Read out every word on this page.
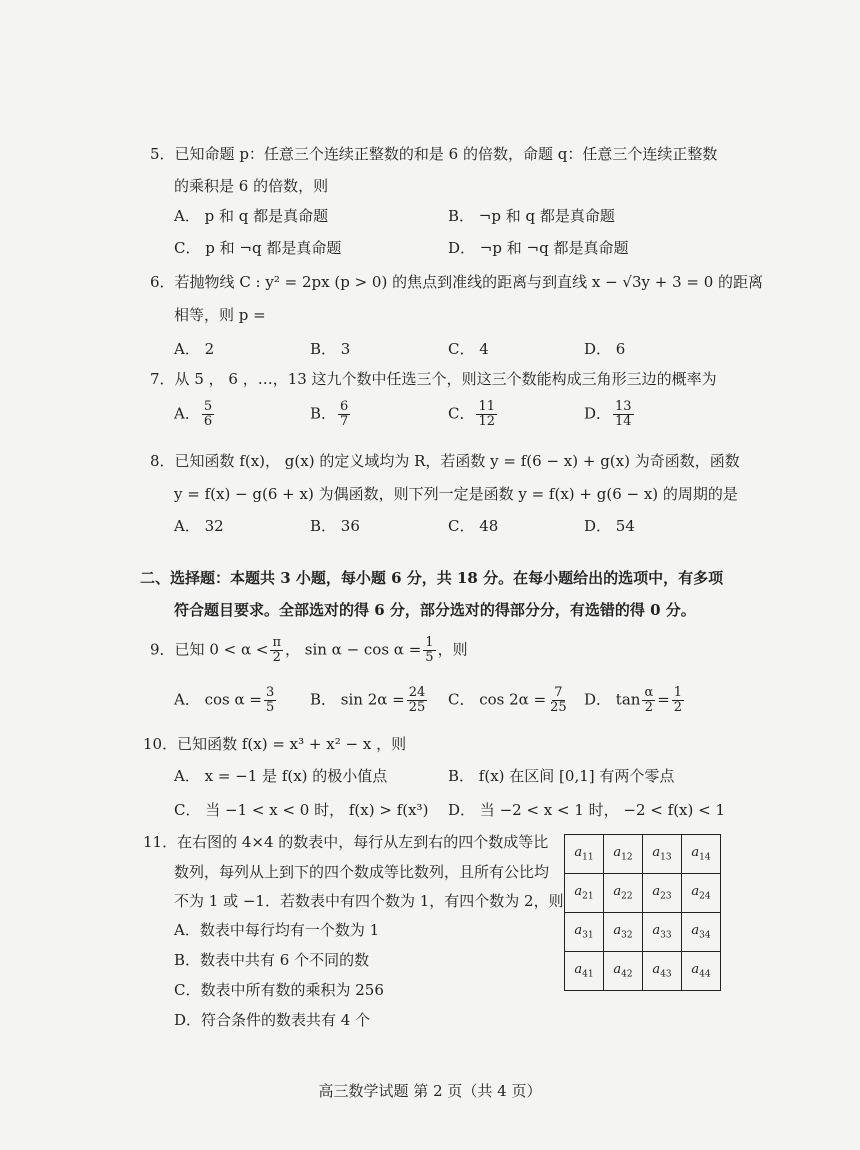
5．已知命题 p：任意三个连续正整数的和是 6 的倍数，命题 q：任意三个连续正整数
的乘积是 6 的倍数，则
A． p 和 q 都是真命题	B． ¬p 和 q 都是真命题
C． p 和 ¬q 都是真命题	D． ¬p 和 ¬q 都是真命题
6．若抛物线 C : y² = 2px (p > 0) 的焦点到准线的距离与到直线 x − √3y + 3 = 0 的距离
相等，则 p =
A． 2	B． 3	C． 4	D． 6
7．从 5 ， 6 ，…，13 这九个数中任选三个，则这三个数能构成三角形三边的概率为
A． $\frac{5}{6}$	B． $\frac{6}{7}$	C． $\frac{11}{12}$	D． $\frac{13}{14}$
8．已知函数 f(x)， g(x) 的定义域均为 R，若函数 y = f(6 − x) + g(x) 为奇函数，函数
y = f(x) − g(6 + x) 为偶函数，则下列一定是函数 y = f(x) + g(6 − x) 的周期的是
A． 32	B． 36	C． 48	D． 54
二、选择题：本题共 3 小题，每小题 6 分，共 18 分。在每小题给出的选项中，有多项
符合题目要求。全部选对的得 6 分，部分选对的得部分分，有选错的得 0 分。
9．已知 $0 < \alpha < \frac{\pi}{2}$ ， $\sin \alpha - \cos \alpha = \frac{1}{5}$ ，则
A． $\cos \alpha = \frac{3}{5}$ B． $\sin 2\alpha = \frac{24}{25}$ C． $\cos 2\alpha = \frac{7}{25}$ D． $\tan \frac{\alpha}{2} = \frac{1}{2}$
10．已知函数 f(x) = x³ + x² − x ，则
A． x = −1 是 f(x) 的极小值点	B． f(x) 在区间 [0,1] 有两个零点
C． 当 −1 < x < 0 时， f(x) > f(x³) D． 当 −2 < x < 1 时， −2 < f(x) < 1
11．在右图的 4×4 的数表中，每行从左到右的四个数成等比
数列，每列从上到下的四个数成等比数列，且所有公比均
不为 1 或 −1．若数表中有四个数为 1，有四个数为 2，则
A．数表中每行均有一个数为 1
B．数表中共有 6 个不同的数
C．数表中所有数的乘积为 256
D．符合条件的数表共有 4 个
$a_{11}$	$a_{12}$	$a_{13}$	$a_{14}$
$a_{21}$	$a_{22}$	$a_{23}$	$a_{24}$
$a_{31}$	$a_{32}$	$a_{33}$	$a_{34}$
$a_{41}$	$a_{42}$	$a_{43}$	$a_{44}$
高三数学试题 第 2 页（共 4 页）
